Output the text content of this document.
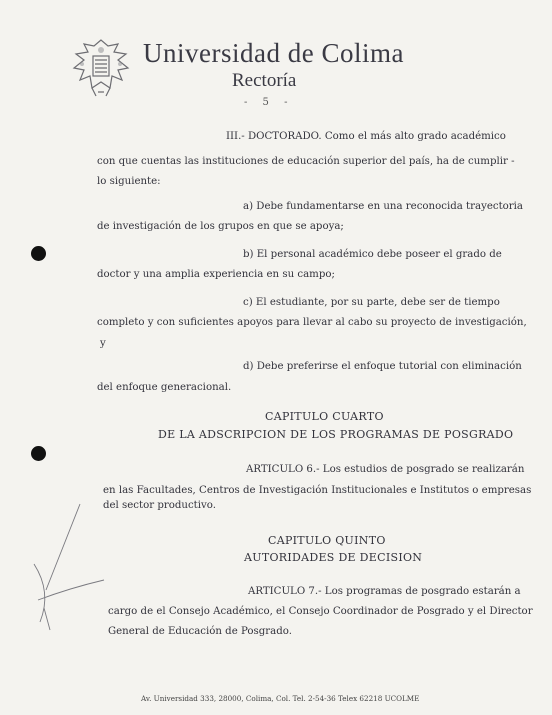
Universidad de Colima
Rectoría
- 5 -
III.- DOCTORADO. Como el más alto grado académico
con que cuentas las instituciones de educación superior del país, ha de cumplir -
lo siguiente:
a) Debe fundamentarse en una reconocida trayectoria
de investigación de los grupos en que se apoya;
b) El personal académico debe poseer el grado de
doctor y una amplia experiencia en su campo;
c) El estudiante, por su parte, debe ser de tiempo
completo y con suficientes apoyos para llevar al cabo su proyecto de investigación,
y
d) Debe preferirse el enfoque tutorial con eliminación
del enfoque generacional.
CAPITULO CUARTO
DE LA ADSCRIPCION DE LOS PROGRAMAS DE POSGRADO
ARTICULO 6.- Los estudios de posgrado se realizarán
en las Facultades, Centros de Investigación Institucionales e Institutos o empresas
del sector productivo.
CAPITULO QUINTO
AUTORIDADES DE DECISION
ARTICULO 7.- Los programas de posgrado estarán a
cargo de el Consejo Académico, el Consejo Coordinador de Posgrado y el Director
General de Educación de Posgrado.
Av. Universidad 333, 28000, Colima, Col. Tel. 2-54-36 Telex 62218 UCOLME
